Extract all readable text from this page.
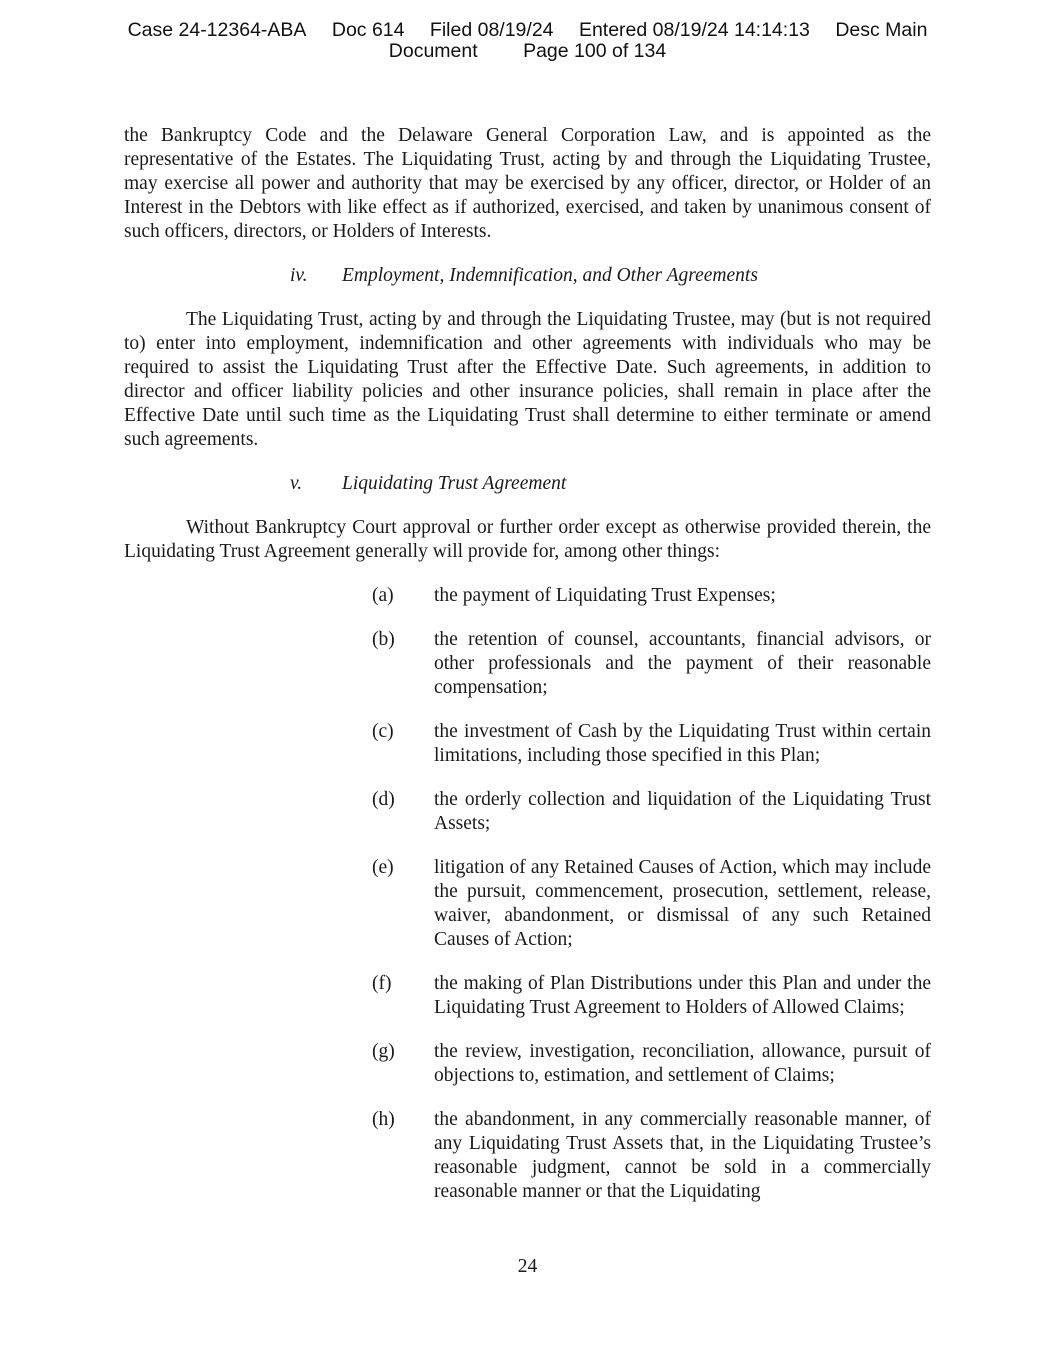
Case 24-12364-ABA Doc 614 Filed 08/19/24 Entered 08/19/24 14:14:13 Desc Main
Document Page 100 of 134

the Bankruptcy Code and the Delaware General Corporation Law, and is appointed as the representative of the Estates. The Liquidating Trust, acting by and through the Liquidating Trustee, may exercise all power and authority that may be exercised by any officer, director, or Holder of an Interest in the Debtors with like effect as if authorized, exercised, and taken by unanimous consent of such officers, directors, or Holders of Interests.

iv.	Employment, Indemnification, and Other Agreements

The Liquidating Trust, acting by and through the Liquidating Trustee, may (but is not required to) enter into employment, indemnification and other agreements with individuals who may be required to assist the Liquidating Trust after the Effective Date. Such agreements, in addition to director and officer liability policies and other insurance policies, shall remain in place after the Effective Date until such time as the Liquidating Trust shall determine to either terminate or amend such agreements.

v.	Liquidating Trust Agreement

Without Bankruptcy Court approval or further order except as otherwise provided therein, the Liquidating Trust Agreement generally will provide for, among other things:

(a)	the payment of Liquidating Trust Expenses;
(b)	the retention of counsel, accountants, financial advisors, or other professionals and the payment of their reasonable compensation;
(c)	the investment of Cash by the Liquidating Trust within certain limitations, including those specified in this Plan;
(d)	the orderly collection and liquidation of the Liquidating Trust Assets;
(e)	litigation of any Retained Causes of Action, which may include the pursuit, commencement, prosecution, settlement, release, waiver, abandonment, or dismissal of any such Retained Causes of Action;
(f)	the making of Plan Distributions under this Plan and under the Liquidating Trust Agreement to Holders of Allowed Claims;
(g)	the review, investigation, reconciliation, allowance, pursuit of objections to, estimation, and settlement of Claims;
(h)	the abandonment, in any commercially reasonable manner, of any Liquidating Trust Assets that, in the Liquidating Trustee’s reasonable judgment, cannot be sold in a commercially reasonable manner or that the Liquidating
24
